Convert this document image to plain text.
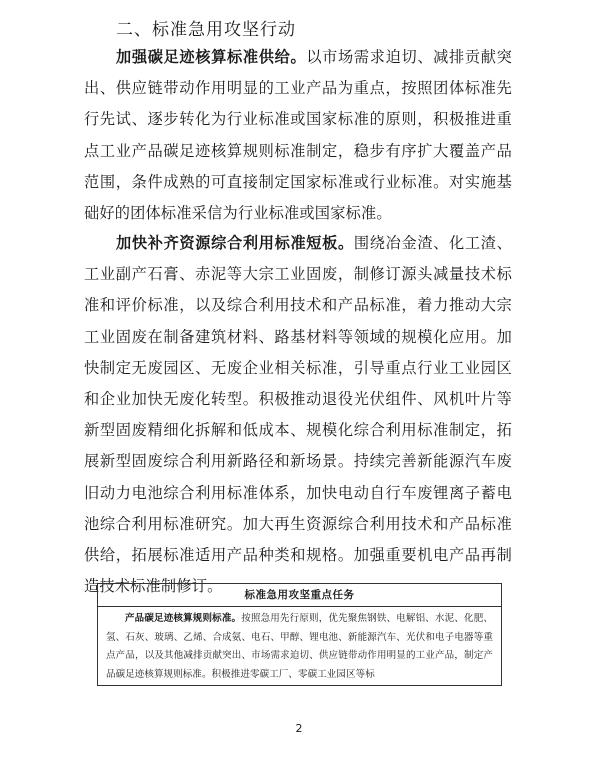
二、标准急用攻坚行动

加强碳足迹核算标准供给。以市场需求迫切、减排贡献突出、供应链带动作用明显的工业产品为重点，按照团体标准先行先试、逐步转化为行业标准或国家标准的原则，积极推进重点工业产品碳足迹核算规则标准制定，稳步有序扩大覆盖产品范围，条件成熟的可直接制定国家标准或行业标准。对实施基础好的团体标准采信为行业标准或国家标准。

加快补齐资源综合利用标准短板。围绕冶金渣、化工渣、工业副产石膏、赤泥等大宗工业固废，制修订源头减量技术标准和评价标准，以及综合利用技术和产品标准，着力推动大宗工业固废在制备建筑材料、路基材料等领域的规模化应用。加快制定无废园区、无废企业相关标准，引导重点行业工业园区和企业加快无废化转型。积极推动退役光伏组件、风机叶片等新型固废精细化拆解和低成本、规模化综合利用标准制定，拓展新型固废综合利用新路径和新场景。持续完善新能源汽车废旧动力电池综合利用标准体系，加快电动自行车废锂离子蓄电池综合利用标准研究。加大再生资源综合利用技术和产品标准供给，拓展标准适用产品种类和规格。加强重要机电产品再制造技术标准制修订。	标准急用攻坚重点任务

产品碳足迹核算规则标准。按照急用先行原则，优先聚焦钢铁、电解铝、水泥、化肥、氢、石灰、玻璃、乙烯、合成氨、电石、甲醇、锂电池、新能源汽车、光伏和电子电器等重点产品，以及其他减排贡献突出、市场需求迫切、供应链带动作用明显的工业产品，制定产品碳足迹核算规则标准。积极推进零碳工厂、零碳工业园区等标

2
